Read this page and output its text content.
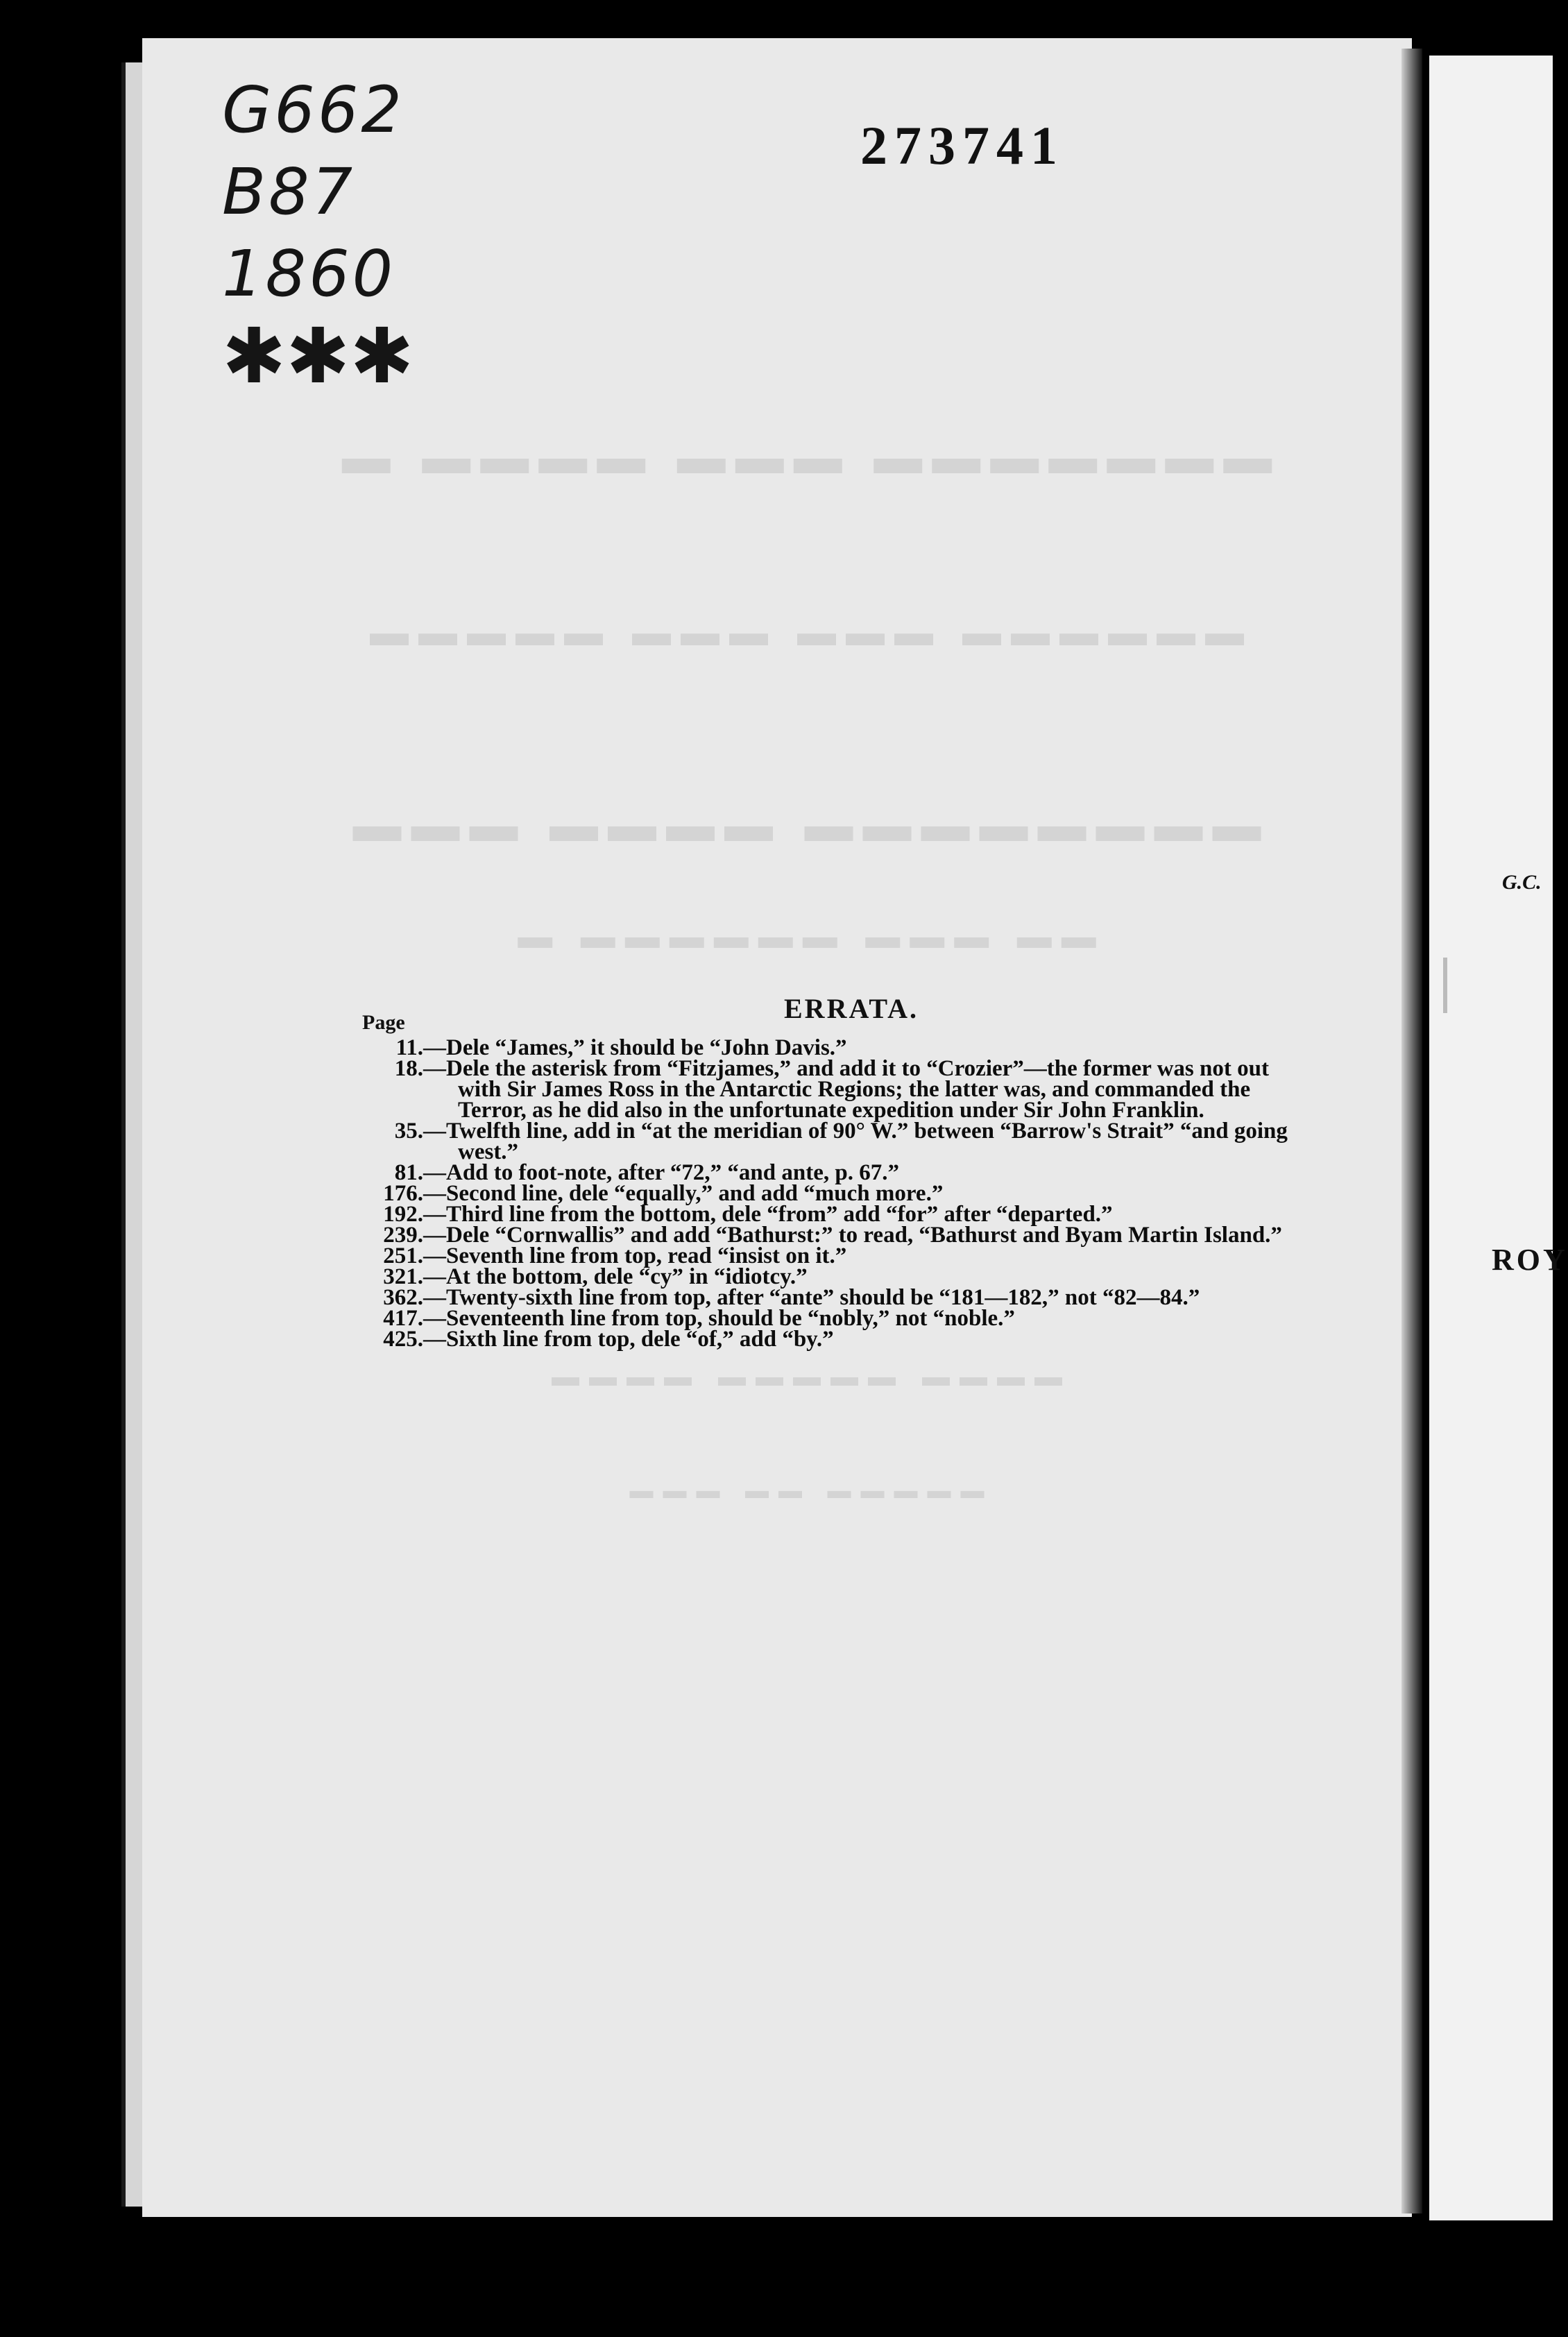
▬ ▬▬▬▬ ▬▬▬ ▬▬▬▬▬▬▬
▬▬▬▬▬ ▬▬▬ ▬▬▬ ▬▬▬▬▬▬
▬▬▬ ▬▬▬▬ ▬▬▬▬▬▬▬▬
▬ ▬▬▬▬▬▬ ▬▬▬ ▬▬
▬▬▬▬ ▬▬▬▬▬ ▬▬▬▬
▬▬▬ ▬▬ ▬▬▬▬▬
G662
B87
1860
✱✱✱
273741
ERRATA.
Page
11.—Dele “James,” it should be “John Davis.”
18.—Dele the asterisk from “Fitzjames,” and add it to “Crozier”—the former was not out
with Sir James Ross in the Antarctic Regions; the latter was, and commanded the
Terror, as he did also in the unfortunate expedition under Sir John Franklin.
35.—Twelfth line, add in “at the meridian of 90° W.” between “Barrow's Strait” “and going
west.”
81.—Add to foot-note, after “72,” “and ante, p. 67.”
176.—Second line, dele “equally,” and add “much more.”
192.—Third line from the bottom, dele “from” add “for” after “departed.”
239.—Dele “Cornwallis” and add “Bathurst:” to read, “Bathurst and Byam Martin Island.”
251.—Seventh line from top, read “insist on it.”
321.—At the bottom, dele “cy” in “idiotcy.”
362.—Twenty-sixth line from top, after “ante” should be “181—182,” not “82—84.”
417.—Seventeenth line from top, should be “nobly,” not “noble.”
425.—Sixth line from top, dele “of,” add “by.”
G.C.
ROY
